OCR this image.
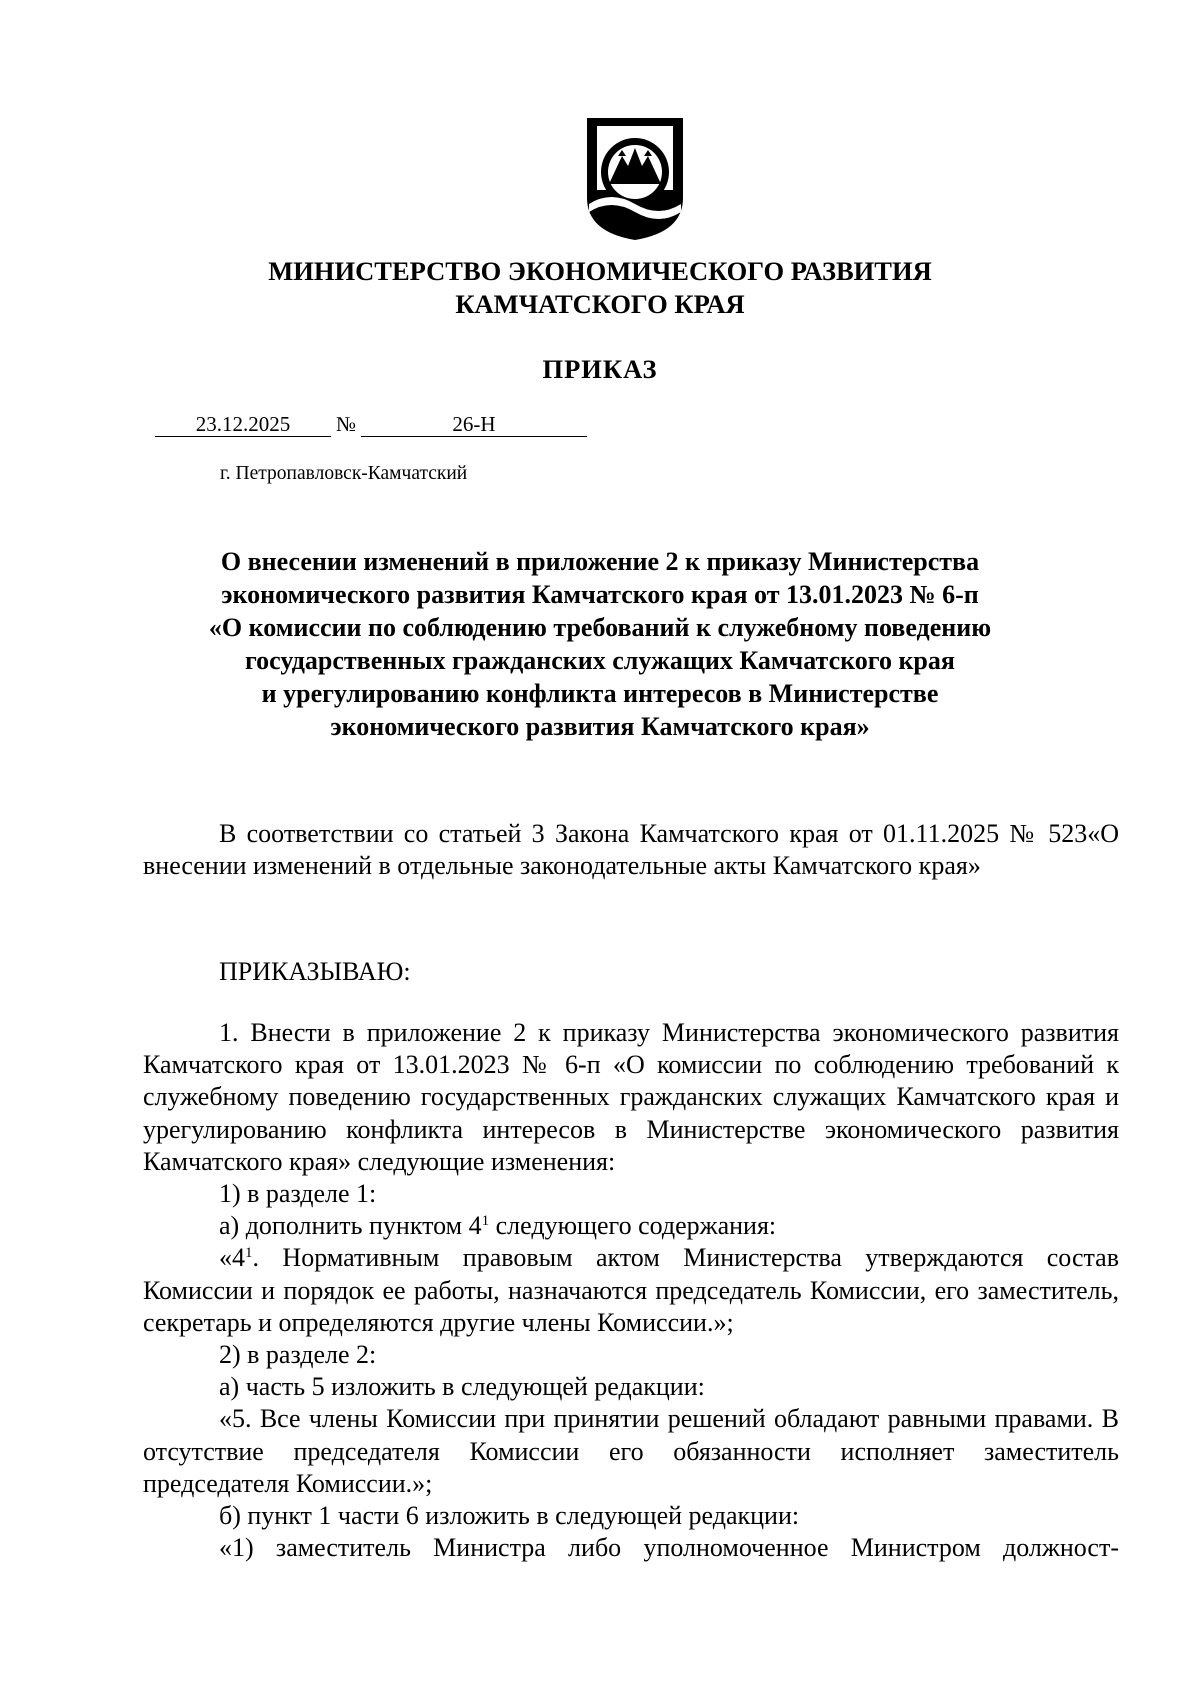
МИНИСТЕРСТВО ЭКОНОМИЧЕСКОГО РАЗВИТИЯ
КАМЧАТСКОГО КРАЯ
ПРИКАЗ
23.12.2025 №	26-Н
г. Петропавловск-Камчатский
О внесении изменений в приложение 2 к приказу Министерства
экономического развития Камчатского края от 13.01.2023 № 6-п
«О комиссии по соблюдению требований к служебному поведению
государственных гражданских служащих Камчатского края
и урегулированию конфликта интересов в Министерстве
экономического развития Камчатского края»

В соответствии со статьей 3 Закона Камчатского края от 01.11.2025 № 523«О внесении изменений в отдельные законодательные акты Камчатского края»

ПРИКАЗЫВАЮ:

1. Внести в приложение 2 к приказу Министерства экономического развития Камчатского края от 13.01.2023 № 6-п «О комиссии по соблюдению требований к служебному поведению государственных гражданских служащих Камчатского края и урегулированию конфликта интересов в Министерстве экономического развития Камчатского края» следующие изменения:

1) в разделе 1:

а) дополнить пунктом $4^1$ следующего содержания:

«$4^1$. Нормативным правовым актом Министерства утверждаются состав Комиссии и порядок ее работы, назначаются председатель Комиссии, его заместитель, секретарь и определяются другие члены Комиссии.»;

2) в разделе 2:

а) часть 5 изложить в следующей редакции:

«5. Все члены Комиссии при принятии решений обладают равными правами. В отсутствие председателя Комиссии его обязанности исполняет заместитель председателя Комиссии.»;

б) пункт 1 части 6 изложить в следующей редакции:

«1) заместитель Министра либо уполномоченное Министром должност-
